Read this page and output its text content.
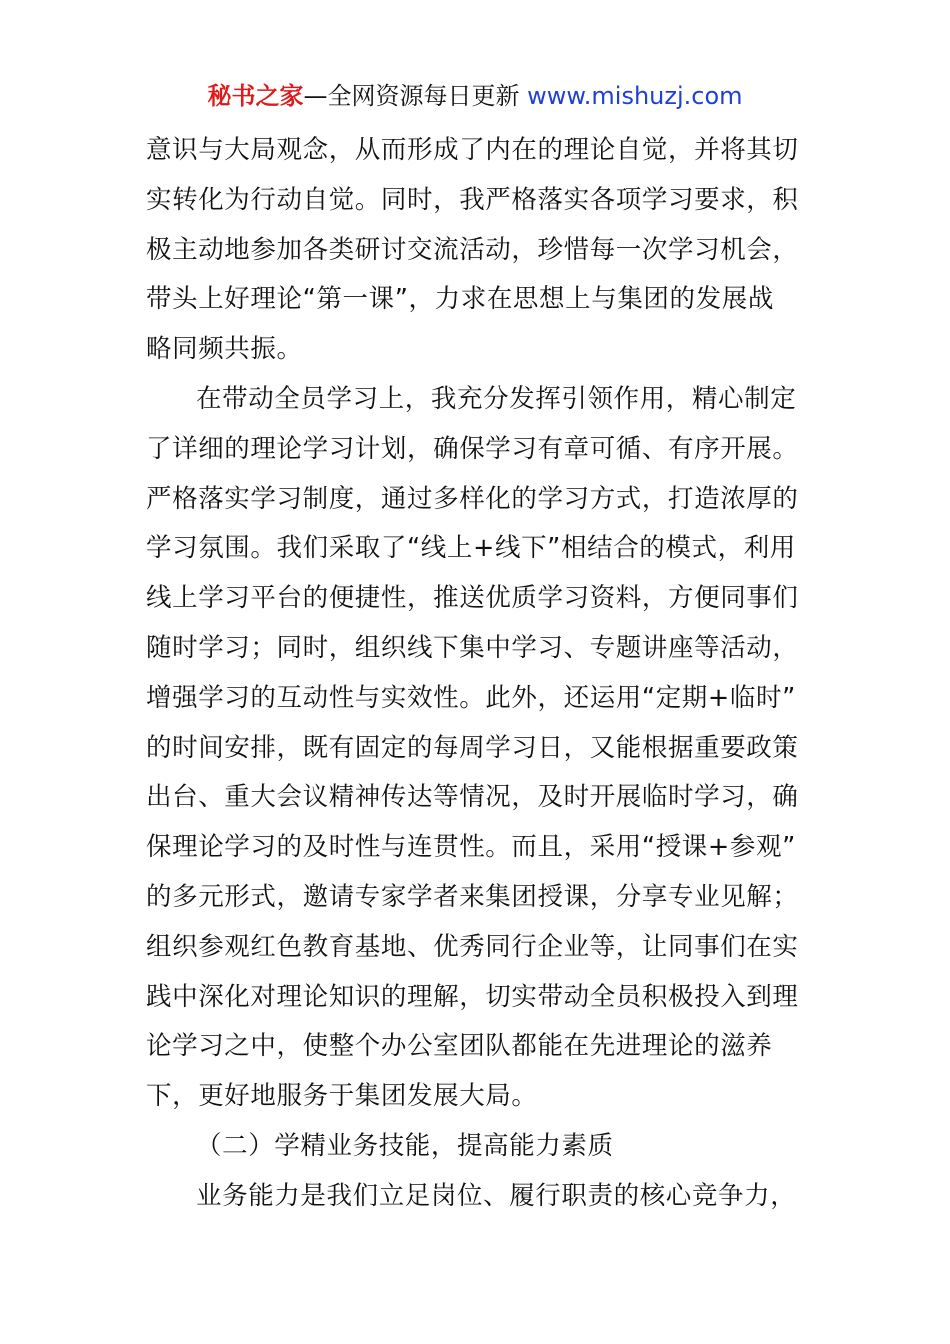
秘书之家—全网资源每日更新 www.mishuzj.com
意识与大局观念，从而形成了内在的理论自觉，并将其切
实转化为行动自觉。同时，我严格落实各项学习要求，积
极主动地参加各类研讨交流活动，珍惜每一次学习机会，
带头上好理论“第一课”，力求在思想上与集团的发展战
略同频共振。
在带动全员学习上，我充分发挥引领作用，精心制定
了详细的理论学习计划，确保学习有章可循、有序开展。
严格落实学习制度，通过多样化的学习方式，打造浓厚的
学习氛围。我们采取了“线上+线下”相结合的模式，利用
线上学习平台的便捷性，推送优质学习资料，方便同事们
随时学习；同时，组织线下集中学习、专题讲座等活动，
增强学习的互动性与实效性。此外，还运用“定期+临时”
的时间安排，既有固定的每周学习日，又能根据重要政策
出台、重大会议精神传达等情况，及时开展临时学习，确
保理论学习的及时性与连贯性。而且，采用“授课+参观”
的多元形式，邀请专家学者来集团授课，分享专业见解；
组织参观红色教育基地、优秀同行企业等，让同事们在实
践中深化对理论知识的理解，切实带动全员积极投入到理
论学习之中，使整个办公室团队都能在先进理论的滋养
下，更好地服务于集团发展大局。
（二）学精业务技能，提高能力素质
业务能力是我们立足岗位、履行职责的核心竞争力，
